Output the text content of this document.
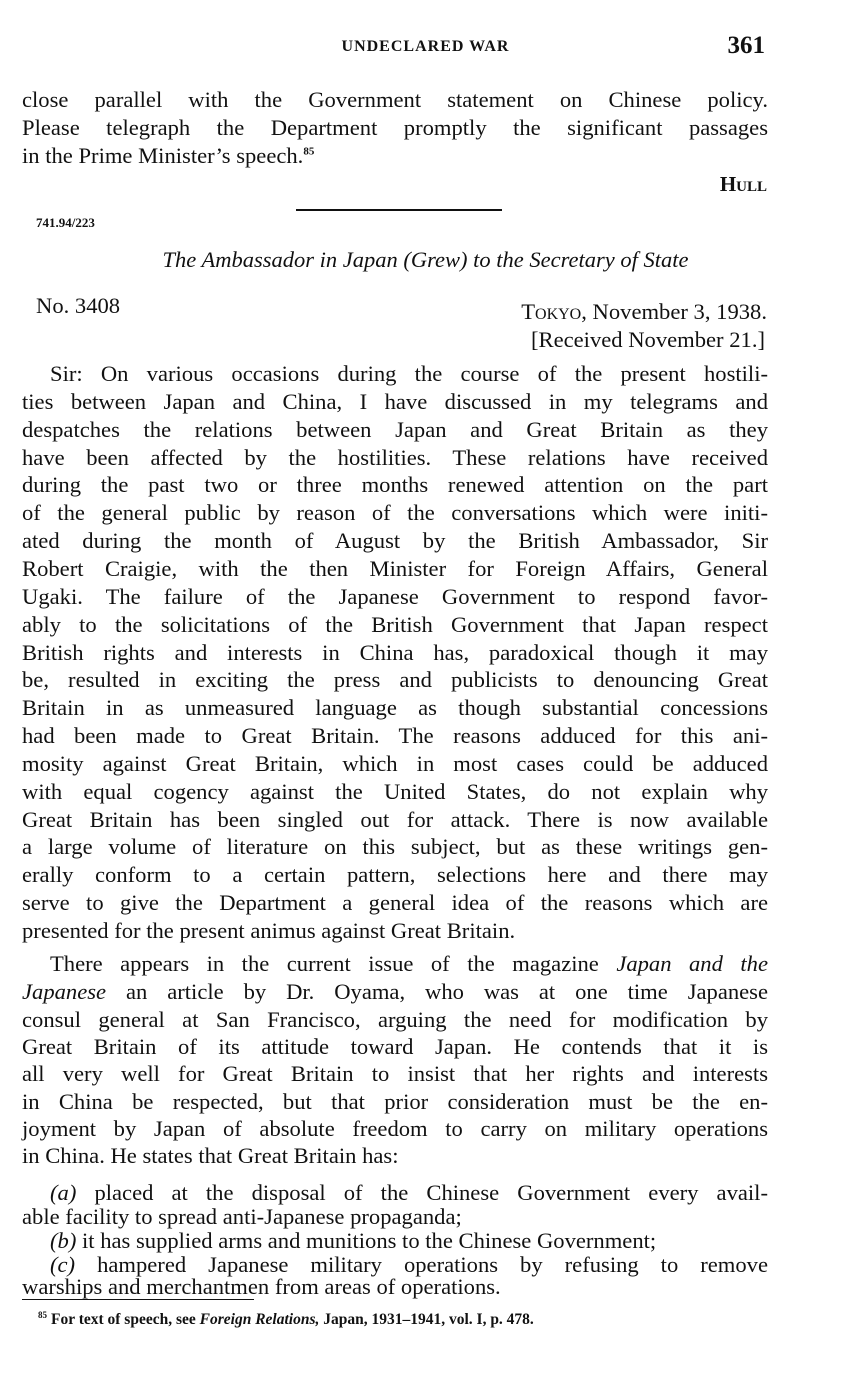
UNDECLARED WAR	361
close parallel with the Government statement on Chinese policy.
Please telegraph the Department promptly the significant passages
in the Prime Minister’s speech.$^{85}$
Hull
741.94/223
The Ambassador in Japan (Grew) to the Secretary of State
No. 3408	Tokyo, November 3, 1938.
[Received November 21.]
Sir: On various occasions during the course of the present hostili-
ties between Japan and China, I have discussed in my telegrams and
despatches the relations between Japan and Great Britain as they
have been affected by the hostilities. These relations have received
during the past two or three months renewed attention on the part
of the general public by reason of the conversations which were initi-
ated during the month of August by the British Ambassador, Sir
Robert Craigie, with the then Minister for Foreign Affairs, General
Ugaki. The failure of the Japanese Government to respond favor-
ably to the solicitations of the British Government that Japan respect
British rights and interests in China has, paradoxical though it may
be, resulted in exciting the press and publicists to denouncing Great
Britain in as unmeasured language as though substantial concessions
had been made to Great Britain. The reasons adduced for this ani-
mosity against Great Britain, which in most cases could be adduced
with equal cogency against the United States, do not explain why
Great Britain has been singled out for attack. There is now available
a large volume of literature on this subject, but as these writings gen-
erally conform to a certain pattern, selections here and there may
serve to give the Department a general idea of the reasons which are
presented for the present animus against Great Britain.
There appears in the current issue of the magazine Japan and the
Japanese an article by Dr. Oyama, who was at one time Japanese
consul general at San Francisco, arguing the need for modification by
Great Britain of its attitude toward Japan. He contends that it is
all very well for Great Britain to insist that her rights and interests
in China be respected, but that prior consideration must be the en-
joyment by Japan of absolute freedom to carry on military operations
in China. He states that Great Britain has:
(a) placed at the disposal of the Chinese Government every avail-
able facility to spread anti-Japanese propaganda;
(b) it has supplied arms and munitions to the Chinese Government;
(c) hampered Japanese military operations by refusing to remove
warships and merchantmen from areas of operations.
$^{85}$ For text of speech, see Foreign Relations, Japan, 1931–1941, vol. I, p. 478.
